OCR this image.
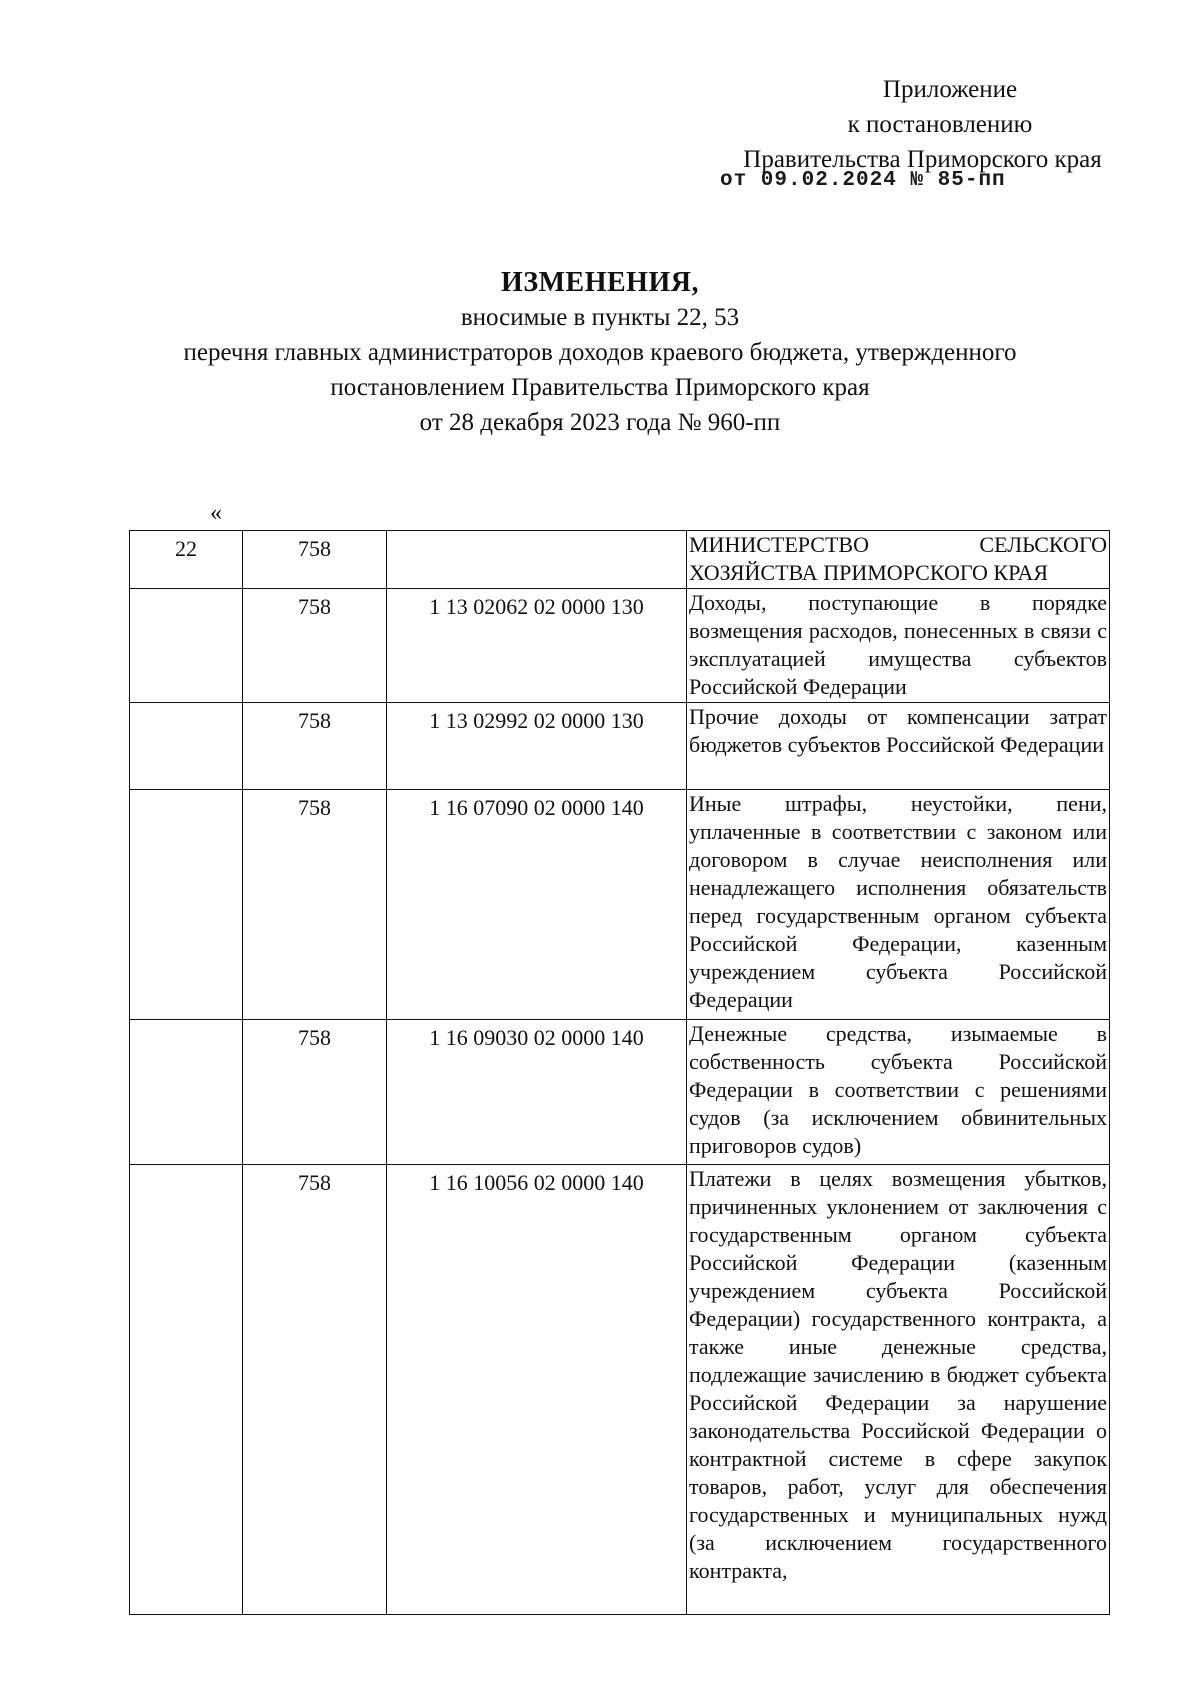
Приложение
к постановлению
Правительства Приморского края
от 09.02.2024 № 85-пп
ИЗМЕНЕНИЯ,
вносимые в пункты 22, 53
перечня главных администраторов доходов краевого бюджета, утвержденного
постановлением Правительства Приморского края
от 28 декабря 2023 года № 960-пп
«
22	758		МИНИСТЕРСТВО СЕЛЬСКОГО ХОЗЯЙСТВА ПРИМОРСКОГО КРАЯ
	758	1 13 02062 02 0000 130	Доходы, поступающие в порядке возмещения расходов, понесенных в связи с эксплуатацией имущества субъектов Российской Федерации
	758	1 13 02992 02 0000 130	Прочие доходы от компенсации затрат бюджетов субъектов Российской Федерации
	758	1 16 07090 02 0000 140	Иные штрафы, неустойки, пени, уплаченные в соответствии с законом или договором в случае неисполнения или ненадлежащего исполнения обязательств перед государственным органом субъекта Российской Федерации, казенным учреждением субъекта Российской Федерации
	758	1 16 09030 02 0000 140	Денежные средства, изымаемые в собственность субъекта Российской Федерации в соответствии с решениями судов (за исключением обвинительных приговоров судов)
	758	1 16 10056 02 0000 140	Платежи в целях возмещения убытков, причиненных уклонением от заключения с государственным органом субъекта Российской Федерации (казенным учреждением субъекта Российской Федерации) государственного контракта, а также иные денежные средства, подлежащие зачислению в бюджет субъекта Российской Федерации за нарушение законодательства Российской Федерации о контрактной системе в сфере закупок товаров, работ, услуг для обеспечения государственных и муниципальных нужд (за исключением государственного контракта,
